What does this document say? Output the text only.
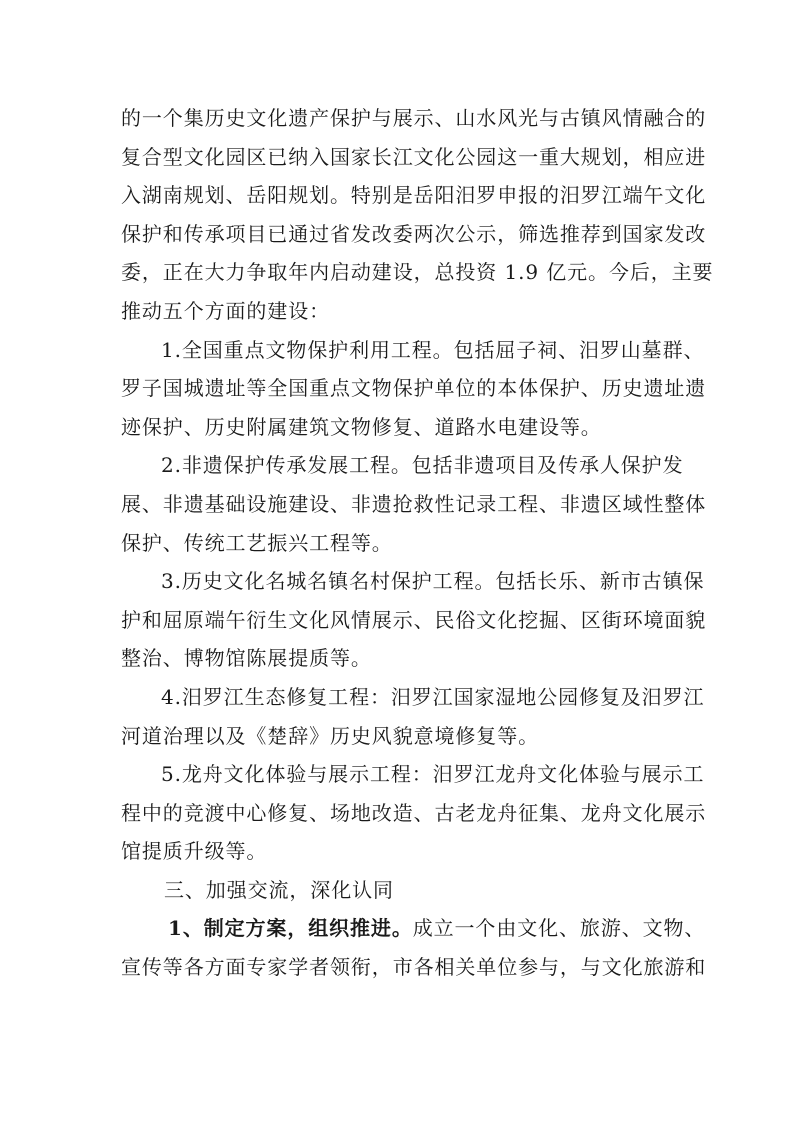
的一个集历史文化遗产保护与展示、山水风光与古镇风情融合的
复合型文化园区已纳入国家长江文化公园这一重大规划，相应进
入湖南规划、岳阳规划。特别是岳阳汨罗申报的汨罗江端午文化
保护和传承项目已通过省发改委两次公示，筛选推荐到国家发改
委，正在大力争取年内启动建设，总投资 1.9 亿元。今后，主要
推动五个方面的建设：
1.全国重点文物保护利用工程。包括屈子祠、汨罗山墓群、
罗子国城遗址等全国重点文物保护单位的本体保护、历史遗址遗
迹保护、历史附属建筑文物修复、道路水电建设等。
2.非遗保护传承发展工程。包括非遗项目及传承人保护发
展、非遗基础设施建设、非遗抢救性记录工程、非遗区域性整体
保护、传统工艺振兴工程等。
3.历史文化名城名镇名村保护工程。包括长乐、新市古镇保
护和屈原端午衍生文化风情展示、民俗文化挖掘、区街环境面貌
整治、博物馆陈展提质等。
4.汨罗江生态修复工程：汨罗江国家湿地公园修复及汨罗江
河道治理以及《楚辞》历史风貌意境修复等。
5.龙舟文化体验与展示工程：汨罗江龙舟文化体验与展示工
程中的竞渡中心修复、场地改造、古老龙舟征集、龙舟文化展示
馆提质升级等。
三、加强交流，深化认同
1、制定方案，组织推进。成立一个由文化、旅游、文物、
宣传等各方面专家学者领衔，市各相关单位参与，与文化旅游和
